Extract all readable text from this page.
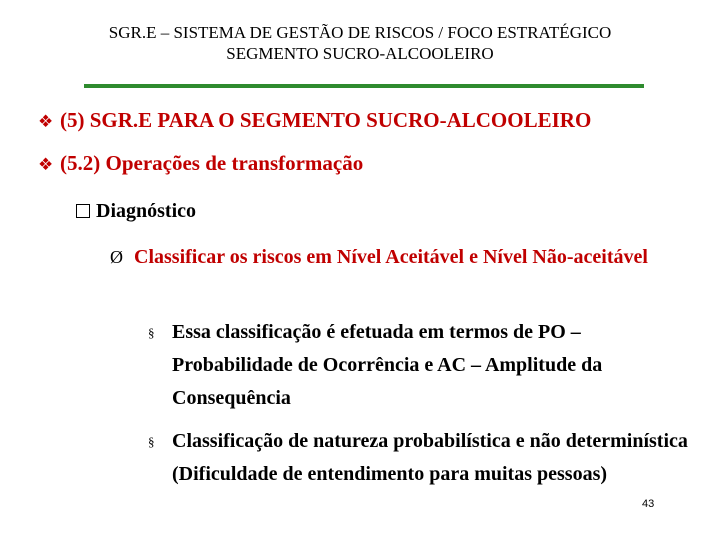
SGR.E – SISTEMA DE GESTÃO DE RISCOS / FOCO ESTRATÉGICO
SEGMENTO SUCRO-ALCOOLEIRO
❖ (5) SGR.E PARA O SEGMENTO SUCRO-ALCOOLEIRO
❖ (5.2) Operações de transformação
Diagnóstico
Ø Classificar os riscos em Nível Aceitável e Nível Não-aceitável
§ Essa classificação é efetuada em termos de PO – Probabilidade de Ocorrência e AC – Amplitude da Consequência
§ Classificação de natureza probabilística e não determinística (Dificuldade de entendimento para muitas pessoas)
43
